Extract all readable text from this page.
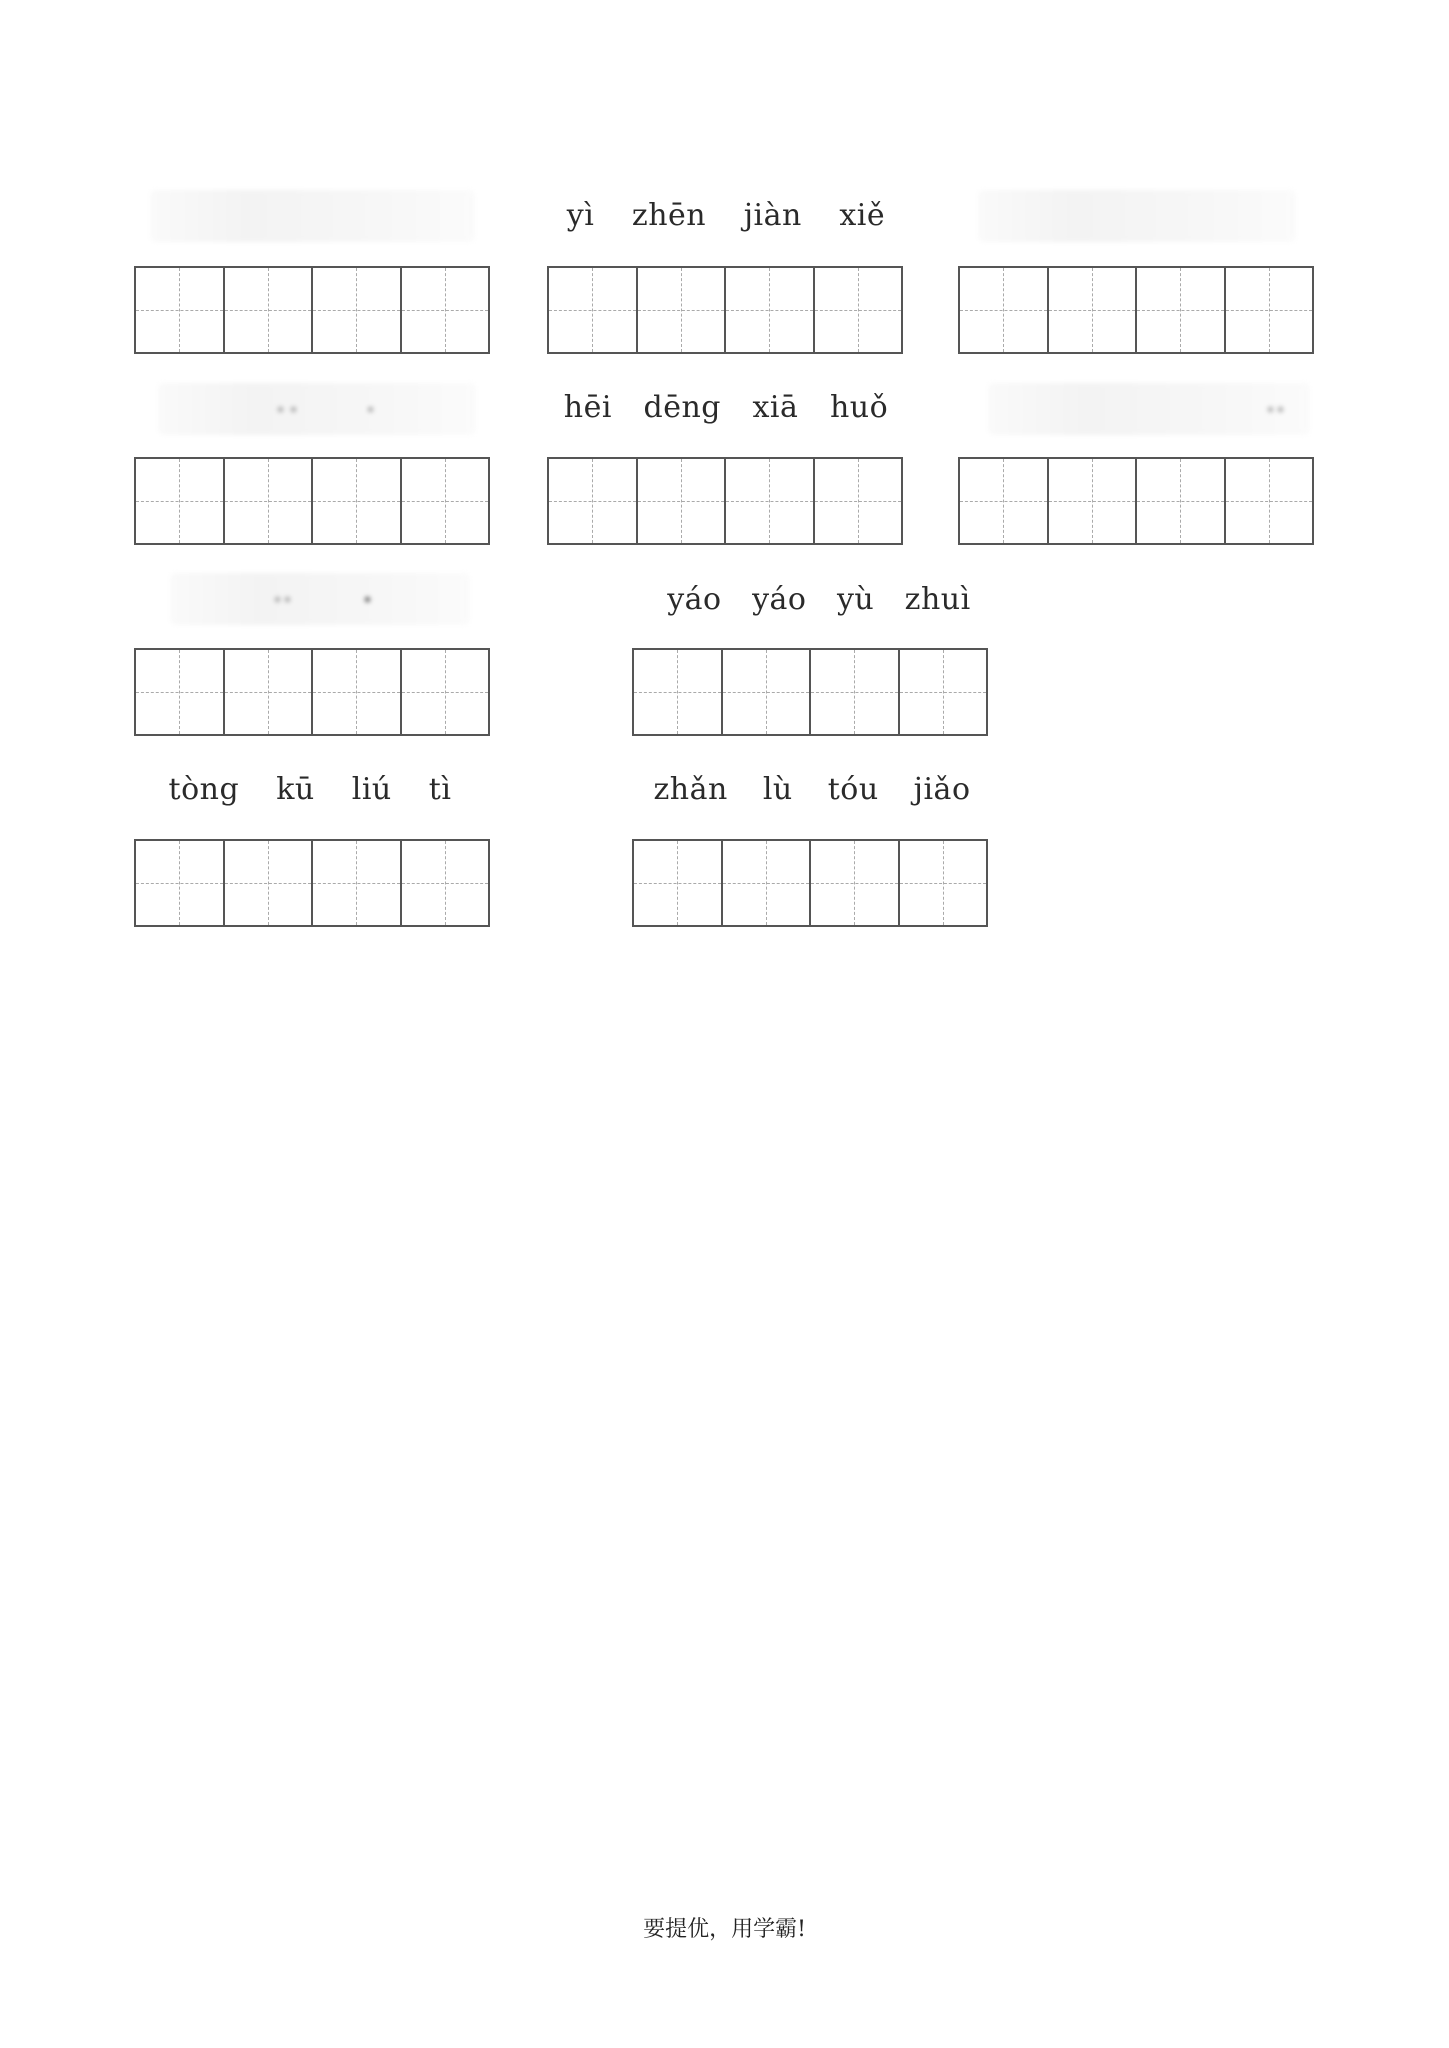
yì zhēn jiàn xiě
hēi dēng xiā huǒ
yáo yáo yù zhuì
tòng kū liú tì	zhǎn lù tóu jiǎo
要提优，用学霸!
